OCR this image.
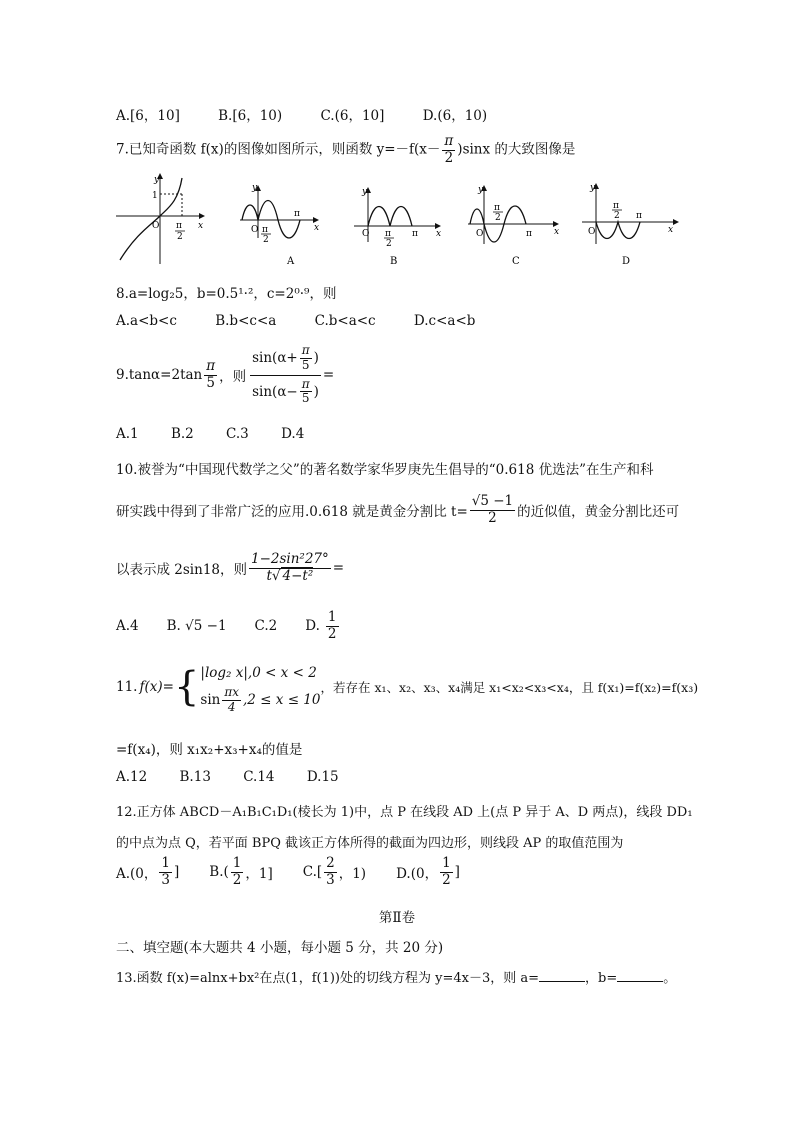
A.[6，10]	B.[6，10)	C.(6，10]	D.(6，10)
7.已知奇函数 f(x)的图像如图所示，则函数 $y=-f(x- \frac{\pi}{2} )\sin x$ 的大致图像是
y
1
O π
2
x
y
O π
2
π
x
A
y
O π
2
π x
B
y
O
π
2
π x
C
y
O
π
2 π
x
D
8.a=log₂5，b=0.5¹·²，c=2⁰·⁹，则
A.a<b<c	B.b<c<a	C.b<a<c	D.c<a<b
$9.\tan\alpha=2\tan \frac{\pi}{5}$ ，则 $\frac{\sin(\alpha+ \frac{\pi}{5} )}{\sin(\alpha- \frac{\pi}{5} )}$ =
A.1 B.2 C.3 D.4
10.被誉为“中国现代数学之父”的著名数学家华罗庚先生倡导的“0.618 优选法”在生产和科
研实践中得到了非常广泛的应用.0.618 就是黄金分割比 $t= \frac{√5 -1}{2}$ 的近似值，黄金分割比还可
以表示成 2sin18，则 $\frac{\text{1−2sin²27°}}{\text{t√ 4−t²}}$ =
A.4 B. √5 −1 C.2 D. $\frac{1}{2}$
11. f(x)= { |log₂ x|,0 < x < 2
$\sin \frac{\pi x}{4} ,2 \le x \le 10$
，若存在 x₁、x₂、x₃、x₄满足 x₁<x₂<x₃<x₄，且 f(x₁)=f(x₂)=f(x₃)
=f(x₄)，则 x₁x₂+x₃+x₄的值是
A.12 B.13 C.14 D.15
12.正方体 ABCD－A₁B₁C₁D₁(棱长为 1)中，点 P 在线段 AD 上(点 P 异于 A、D 两点)，线段 DD₁
的中点为点 Q，若平面 BPQ 截该正方体所得的截面为四边形，则线段 AP 的取值范围为
A.(0， $\frac{1}{3}$ ] $B.( \frac{1}{2}$ ，1] $C.[ \frac{2}{3}$ ，1) D.(0， $\frac{1}{2}$ ]
第Ⅱ卷
二、填空题(本大题共 4 小题，每小题 5 分，共 20 分)
13.函数 f(x)=alnx+bx²在点(1，f(1))处的切线方程为 y=4x－3，则 a=	，b=	。
